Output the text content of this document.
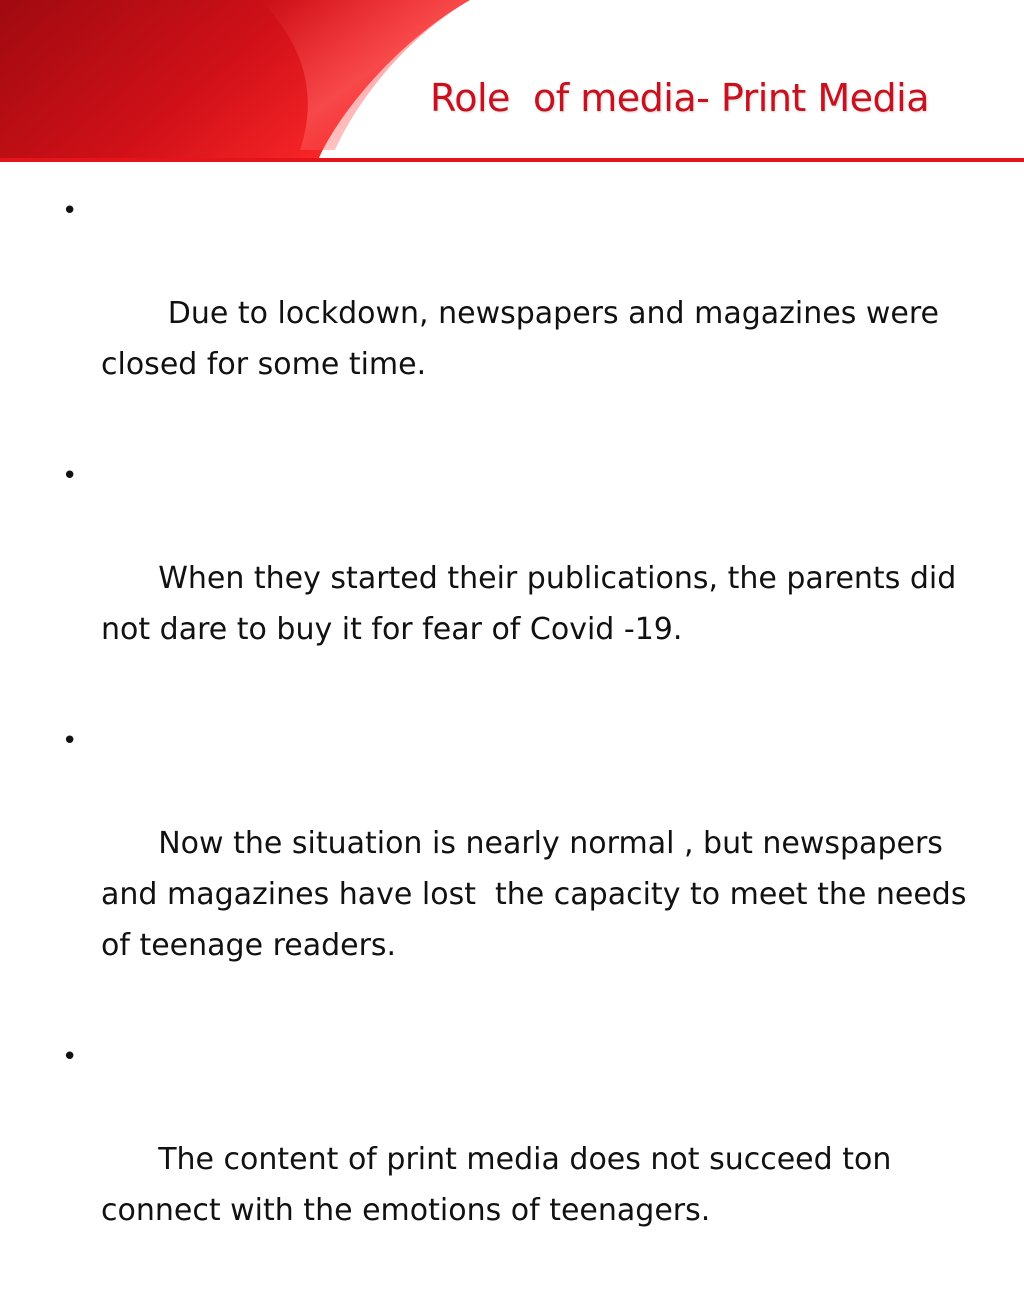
Role  of media- Print Media

•

Due to lockdown, newspapers and magazines were closed for some time.

•

When they started their publications, the parents did not dare to buy it for fear of Covid -19.

•

Now the situation is nearly normal , but newspapers and magazines have lost  the capacity to meet the needs of teenage readers.

•

The content of print media does not succeed ton connect with the emotions of teenagers.
